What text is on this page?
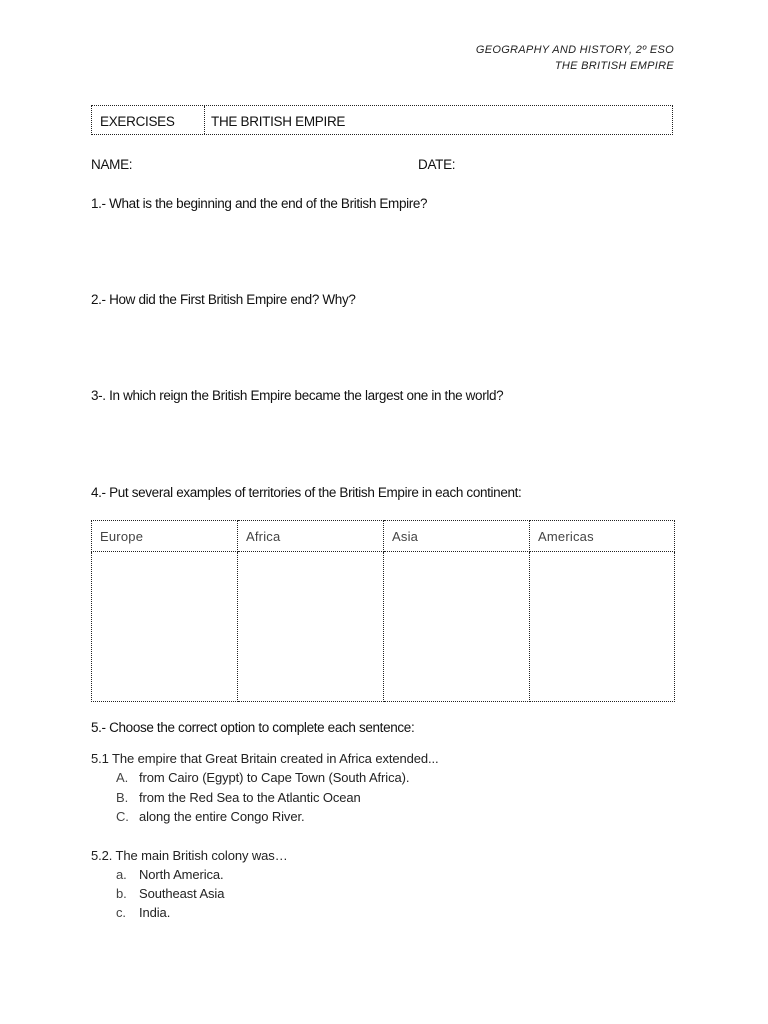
GEOGRAPHY AND HISTORY, 2º ESO
THE BRITISH EMPIRE
EXERCISES	THE BRITISH EMPIRE
NAME:	DATE:
1.- What is the beginning and the end of the British Empire?
2.- How did the First British Empire end? Why?
3-. In which reign the British Empire became the largest one in the world?
4.- Put several examples of territories of the British Empire in each continent:
Europe	Africa	Asia	Americas

5.- Choose the correct option to complete each sentence:
5.1 The empire that Great Britain created in Africa extended...
A. from Cairo (Egypt) to Cape Town (South Africa).
B. from the Red Sea to the Atlantic Ocean
C. along the entire Congo River.
5.2. The main British colony was…
a. North America.
b. Southeast Asia
c. India.
